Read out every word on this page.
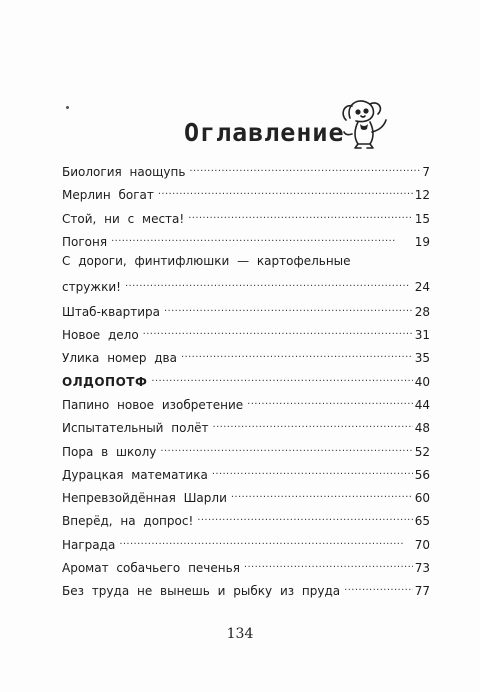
Оглавление
Биология наощупь . . .	7
Мерлин богат . . .	12
Стой, ни с места! . . .	15
Погоня . . .	19
С дороги, финтифлюшки — картофельные
стружки! . . .	24
Штаб-квартира . . .	28
Новое дело . . .	31
Улика номер два . . .	35
ОЛДОПОТФ . . .	40
Папино новое изобретение . . .	44
Испытательный полёт . . .	48
Пора в школу . . .	52
Дурацкая математика . . .	56
Непревзойдённая Шарли . . .	60
Вперёд, на допрос! . . .	65
Награда . . .	70
Аромат собачьего печенья . . .	73
Без труда не вынешь и рыбку из пруда . . .	77
134
